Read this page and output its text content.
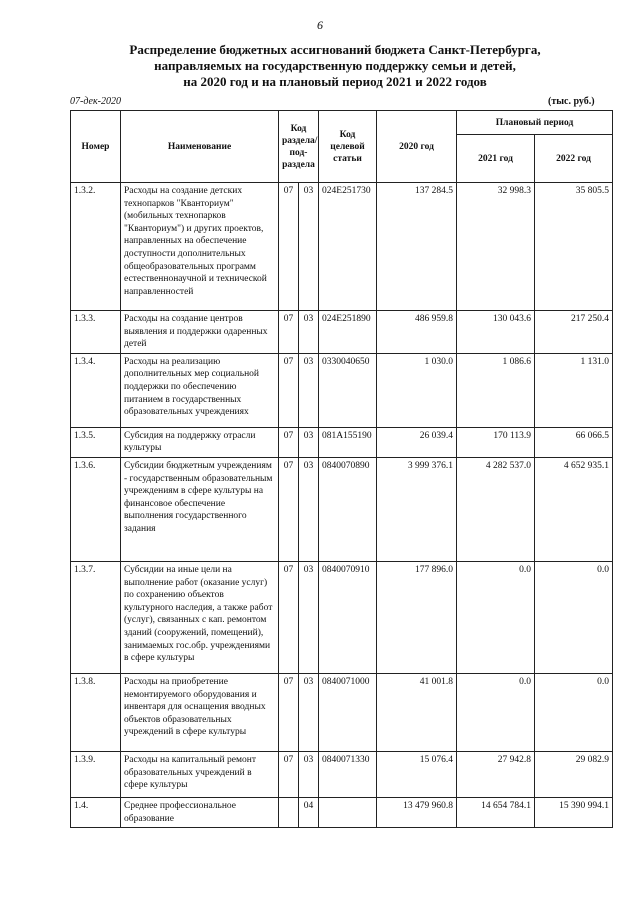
6
Распределение бюджетных ассигнований бюджета Санкт-Петербурга,
направляемых на государственную поддержку семьи и детей,
на 2020 год и на плановый период 2021 и 2022 годов
07-дек-2020	(тыс. руб.)
Номер	Наименование	Код раздела/ под- раздела		Код целевой статьи	2020 год	Плановый период	
						2021 год	2022 год
1.3.2.	Расходы на создание детских технопарков "Кванториум" (мобильных технопарков "Кванториум") и других проектов, направленных на обеспечение доступности дополнительных общеобразовательных программ естественнонаучной и технической направленностей	07	03	024E251730	137 284.5	32 998.3	35 805.5
1.3.3.	Расходы на создание центров выявления и поддержки одаренных детей	07	03	024E251890	486 959.8	130 043.6	217 250.4
1.3.4.	Расходы на реализацию дополнительных мер социальной поддержки по обеспечению питанием в государственных образовательных учреждениях	07	03	0330040650	1 030.0	1 086.6	1 131.0
1.3.5.	Субсидия на поддержку отрасли культуры	07	03	081A155190	26 039.4	170 113.9	66 066.5
1.3.6.	Субсидии бюджетным учреждениям - государственным образовательным учреждениям в сфере культуры на финансовое обеспечение выполнения государственного задания	07	03	0840070890	3 999 376.1	4 282 537.0	4 652 935.1
1.3.7.	Субсидии на иные цели на выполнение работ (оказание услуг) по сохранению объектов культурного наследия, а также работ (услуг), связанных с кап. ремонтом зданий (сооружений, помещений), занимаемых гос.обр. учреждениями в сфере культуры	07	03	0840070910	177 896.0	0.0	0.0
1.3.8.	Расходы на приобретение немонтируемого оборудования и инвентаря для оснащения вводных объектов образовательных учреждений в сфере культуры	07	03	0840071000	41 001.8	0.0	0.0
1.3.9.	Расходы на капитальный ремонт образовательных учреждений в сфере культуры	07	03	0840071330	15 076.4	27 942.8	29 082.9
1.4.	Среднее профессиональное образование		04		13 479 960.8	14 654 784.1	15 390 994.1
